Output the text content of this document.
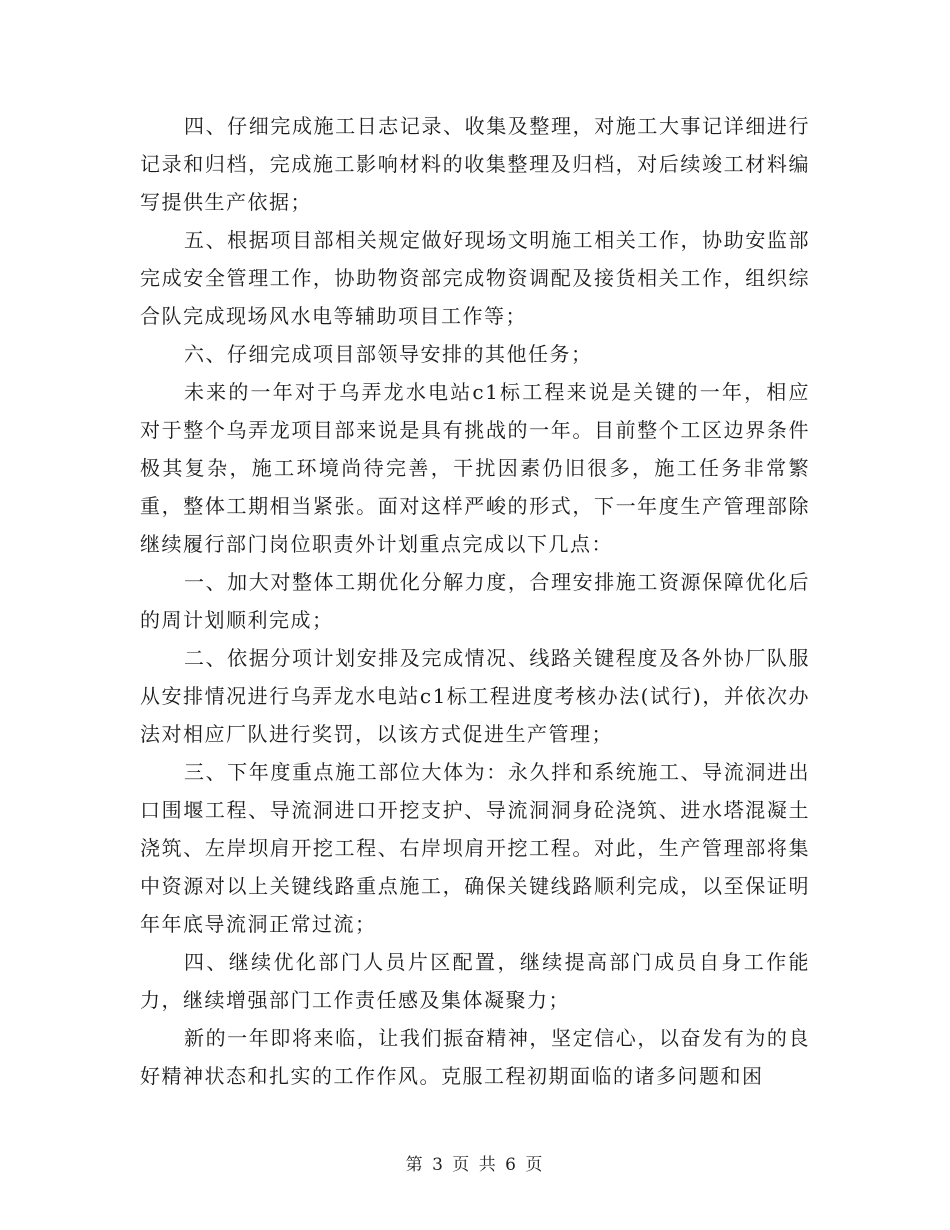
四、仔细完成施工日志记录、收集及整理，对施工大事记详细进行记录和归档，完成施工影响材料的收集整理及归档，对后续竣工材料编写提供生产依据；

五、根据项目部相关规定做好现场文明施工相关工作，协助安监部完成安全管理工作，协助物资部完成物资调配及接货相关工作，组织综合队完成现场风水电等辅助项目工作等；

六、仔细完成项目部领导安排的其他任务；

未来的一年对于乌弄龙水电站c1标工程来说是关键的一年，相应对于整个乌弄龙项目部来说是具有挑战的一年。目前整个工区边界条件极其复杂，施工环境尚待完善，干扰因素仍旧很多，施工任务非常繁重，整体工期相当紧张。面对这样严峻的形式，下一年度生产管理部除继续履行部门岗位职责外计划重点完成以下几点：

一、加大对整体工期优化分解力度，合理安排施工资源保障优化后的周计划顺利完成；

二、依据分项计划安排及完成情况、线路关键程度及各外协厂队服从安排情况进行乌弄龙水电站c1标工程进度考核办法(试行)，并依次办法对相应厂队进行奖罚，以该方式促进生产管理；

三、下年度重点施工部位大体为：永久拌和系统施工、导流洞进出口围堰工程、导流洞进口开挖支护、导流洞洞身砼浇筑、进水塔混凝土浇筑、左岸坝肩开挖工程、右岸坝肩开挖工程。对此，生产管理部将集中资源对以上关键线路重点施工，确保关键线路顺利完成，以至保证明年年底导流洞正常过流；

四、继续优化部门人员片区配置，继续提高部门成员自身工作能力，继续增强部门工作责任感及集体凝聚力；

新的一年即将来临，让我们振奋精神，坚定信心，以奋发有为的良好精神状态和扎实的工作作风。克服工程初期面临的诸多问题和困

第 3 页 共 6 页
